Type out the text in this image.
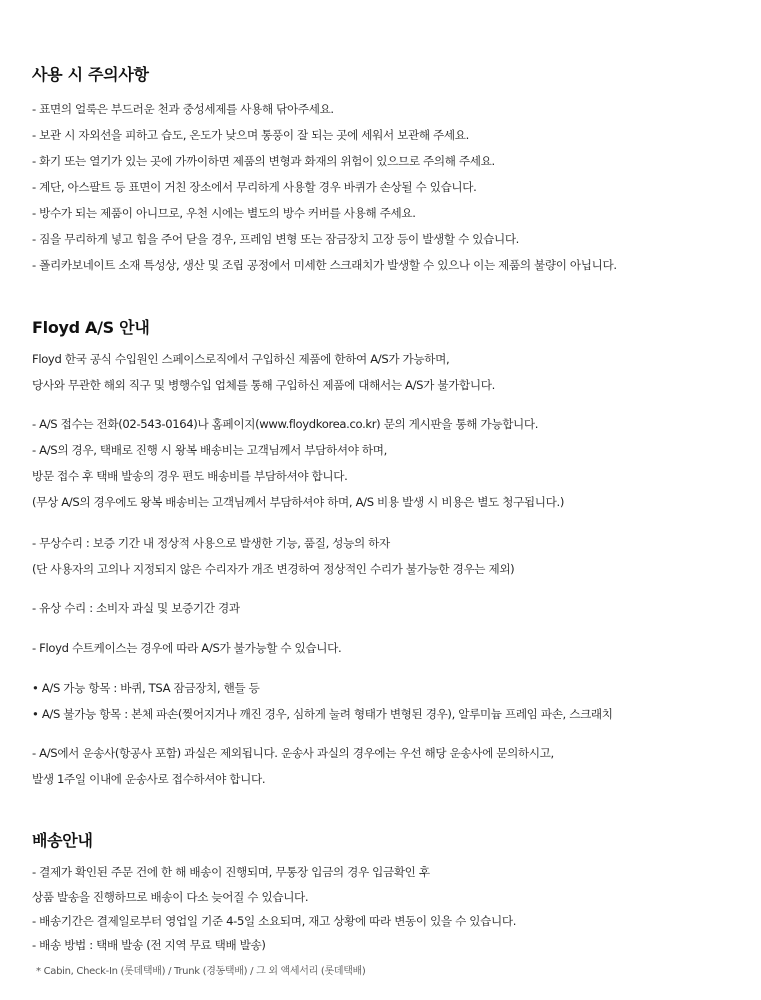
사용 시 주의사항
- 표면의 얼룩은 부드러운 천과 중성세제를 사용해 닦아주세요.
- 보관 시 자외선을 피하고 습도, 온도가 낮으며 통풍이 잘 되는 곳에 세워서 보관해 주세요.
- 화기 또는 열기가 있는 곳에 가까이하면 제품의 변형과 화재의 위험이 있으므로 주의해 주세요.
- 계단, 아스팔트 등 표면이 거친 장소에서 무리하게 사용할 경우 바퀴가 손상될 수 있습니다.
- 방수가 되는 제품이 아니므로, 우천 시에는 별도의 방수 커버를 사용해 주세요.
- 짐을 무리하게 넣고 힘을 주어 닫을 경우, 프레임 변형 또는 잠금장치 고장 등이 발생할 수 있습니다.
- 폴리카보네이트 소재 특성상, 생산 및 조립 공정에서 미세한 스크래치가 발생할 수 있으나 이는 제품의 불량이 아닙니다.
Floyd A/S 안내
Floyd 한국 공식 수입원인 스페이스로직에서 구입하신 제품에 한하여 A/S가 가능하며,
당사와 무관한 해외 직구 및 병행수입 업체를 통해 구입하신 제품에 대해서는 A/S가 불가합니다.
- A/S 접수는 전화(02-543-0164)나 홈페이지(www.floydkorea.co.kr) 문의 게시판을 통해 가능합니다.
- A/S의 경우, 택배로 진행 시 왕복 배송비는 고객님께서 부담하셔야 하며,
방문 접수 후 택배 발송의 경우 편도 배송비를 부담하셔야 합니다.
(무상 A/S의 경우에도 왕복 배송비는 고객님께서 부담하셔야 하며, A/S 비용 발생 시 비용은 별도 청구됩니다.)
- 무상수리 : 보증 기간 내 정상적 사용으로 발생한 기능, 품질, 성능의 하자
(단 사용자의 고의나 지정되지 않은 수리자가 개조 변경하여 정상적인 수리가 불가능한 경우는 제외)
- 유상 수리 : 소비자 과실 및 보증기간 경과
- Floyd 수트케이스는 경우에 따라 A/S가 불가능할 수 있습니다.
• A/S 가능 항목 : 바퀴, TSA 잠금장치, 핸들 등
• A/S 불가능 항목 : 본체 파손(찢어지거나 깨진 경우, 심하게 눌려 형태가 변형된 경우), 알루미늄 프레임 파손, 스크래치
- A/S에서 운송사(항공사 포함) 과실은 제외됩니다. 운송사 과실의 경우에는 우선 해당 운송사에 문의하시고,
발생 1주일 이내에 운송사로 접수하셔야 합니다.
배송안내
- 결제가 확인된 주문 건에 한 해 배송이 진행되며, 무통장 입금의 경우 입금확인 후
상품 발송을 진행하므로 배송이 다소 늦어질 수 있습니다.
- 배송기간은 결제일로부터 영업일 기준 4-5일 소요되며, 재고 상황에 따라 변동이 있을 수 있습니다.
- 배송 방법 : 택배 발송 (전 지역 무료 택배 발송)
* Cabin, Check-In (롯데택배) / Trunk (경동택배) / 그 외 액세서리 (롯데택배)
